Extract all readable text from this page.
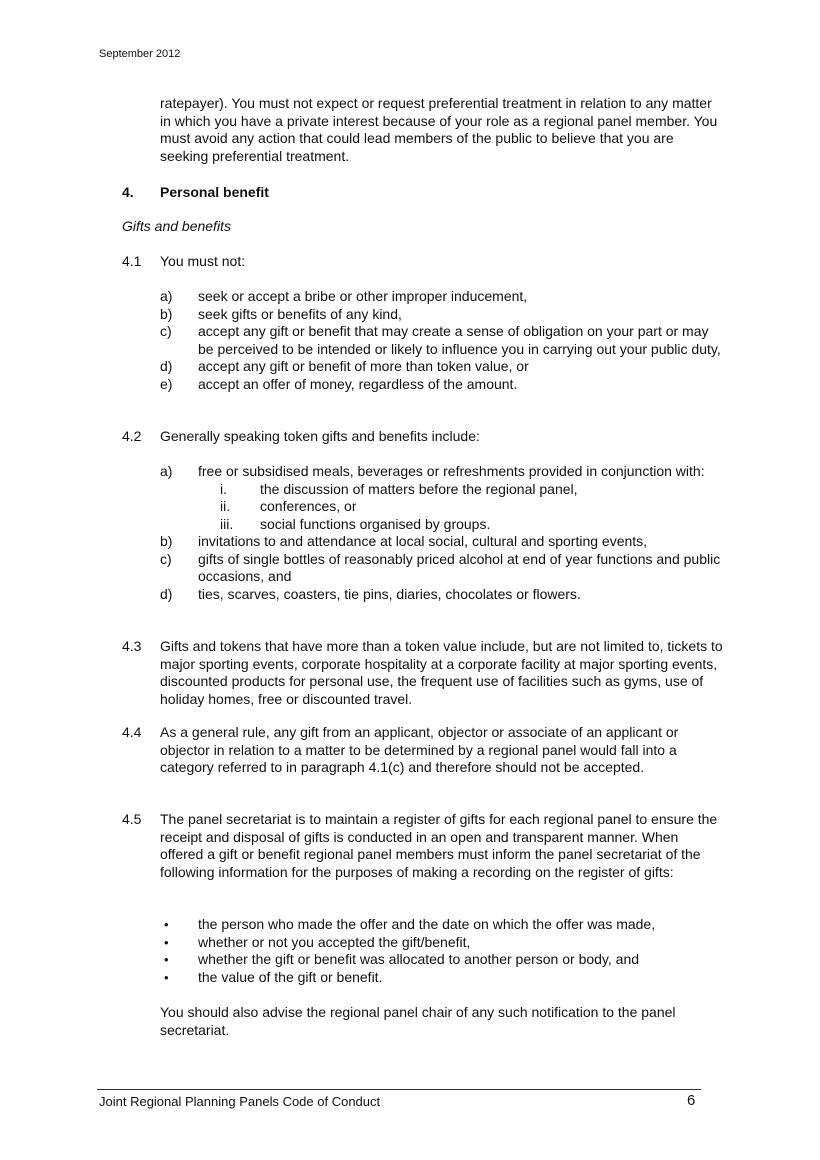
September 2012

ratepayer). You must not expect or request preferential treatment in relation to any matter in which you have a private interest because of your role as a regional panel member. You must avoid any action that could lead members of the public to believe that you are seeking preferential treatment.

4. Personal benefit
Gifts and benefits
4.1	You must not:
a) seek or accept a bribe or other improper inducement,
b) seek gifts or benefits of any kind,
c) accept any gift or benefit that may create a sense of obligation on your part or may be perceived to be intended or likely to influence you in carrying out your public duty,
d) accept any gift or benefit of more than token value, or
e) accept an offer of money, regardless of the amount.
4.2	Generally speaking token gifts and benefits include:
a) free or subsidised meals, beverages or refreshments provided in conjunction with:
i. the discussion of matters before the regional panel,
ii. conferences, or
iii. social functions organised by groups.
b) invitations to and attendance at local social, cultural and sporting events,
c) gifts of single bottles of reasonably priced alcohol at end of year functions and public occasions, and
d) ties, scarves, coasters, tie pins, diaries, chocolates or flowers.
4.3	Gifts and tokens that have more than a token value include, but are not limited to, tickets to major sporting events, corporate hospitality at a corporate facility at major sporting events, discounted products for personal use, the frequent use of facilities such as gyms, use of holiday homes, free or discounted travel.
4.4	As a general rule, any gift from an applicant, objector or associate of an applicant or objector in relation to a matter to be determined by a regional panel would fall into a category referred to in paragraph 4.1(c) and therefore should not be accepted.
4.5	The panel secretariat is to maintain a register of gifts for each regional panel to ensure the receipt and disposal of gifts is conducted in an open and transparent manner. When offered a gift or benefit regional panel members must inform the panel secretariat of the following information for the purposes of making a recording on the register of gifts:
• the person who made the offer and the date on which the offer was made,
• whether or not you accepted the gift/benefit,
• whether the gift or benefit was allocated to another person or body, and
• the value of the gift or benefit.

You should also advise the regional panel chair of any such notification to the panel secretariat.

Joint Regional Planning Panels Code of Conduct	6
